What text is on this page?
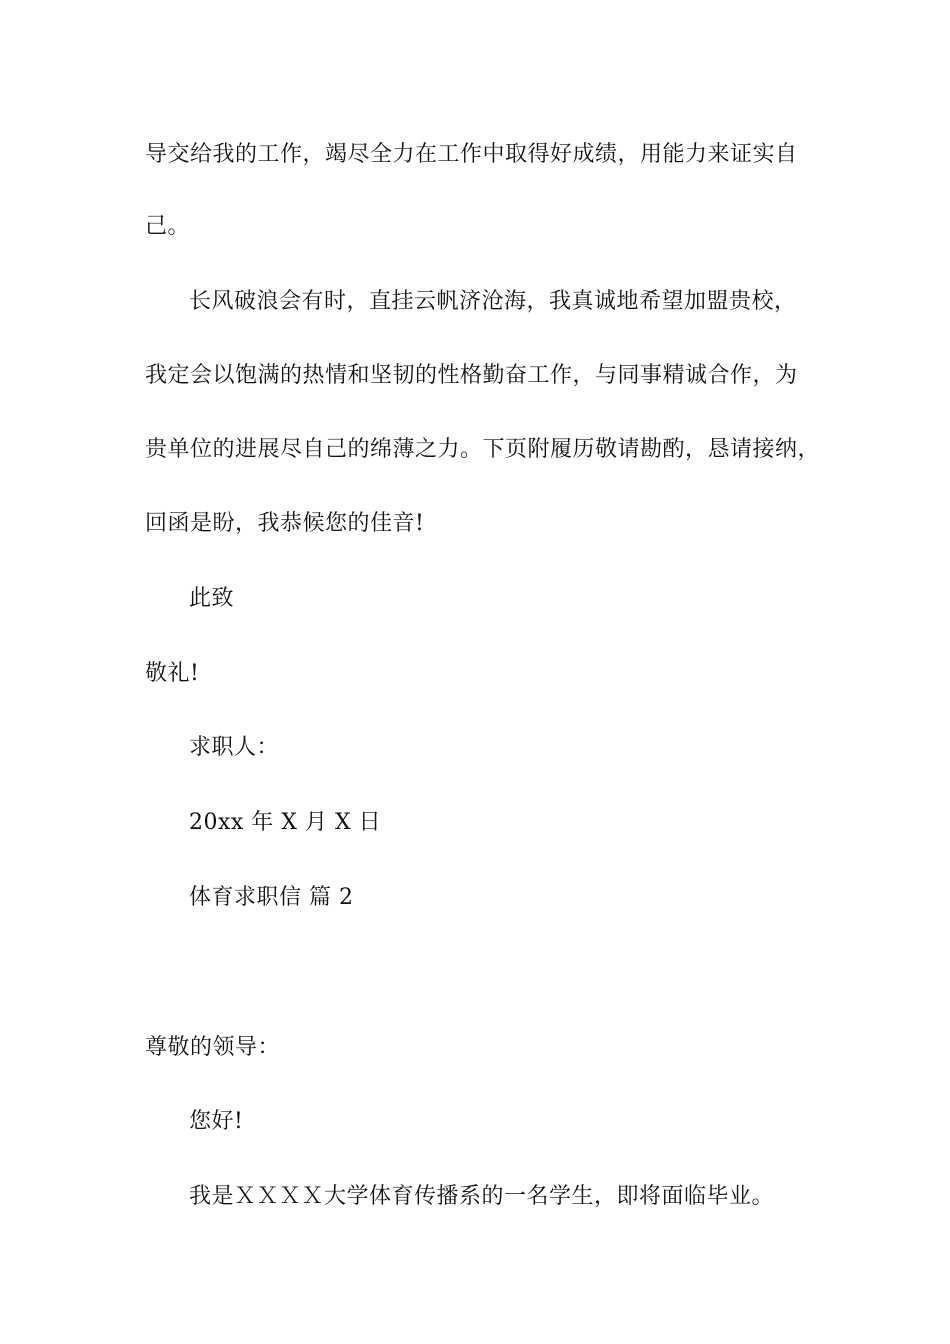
导交给我的工作，竭尽全力在工作中取得好成绩，用能力来证实自
己。
长风破浪会有时，直挂云帆济沧海，我真诚地希望加盟贵校，
我定会以饱满的热情和坚韧的性格勤奋工作，与同事精诚合作，为
贵单位的进展尽自己的绵薄之力。下页附履历敬请勘酌，恳请接纳，
回函是盼，我恭候您的佳音!
此致
敬礼!
求职人：
20xx 年 X 月 X 日
体育求职信 篇 2
尊敬的领导：
您好!
我是ＸＸＸＸ大学体育传播系的一名学生，即将面临毕业。
